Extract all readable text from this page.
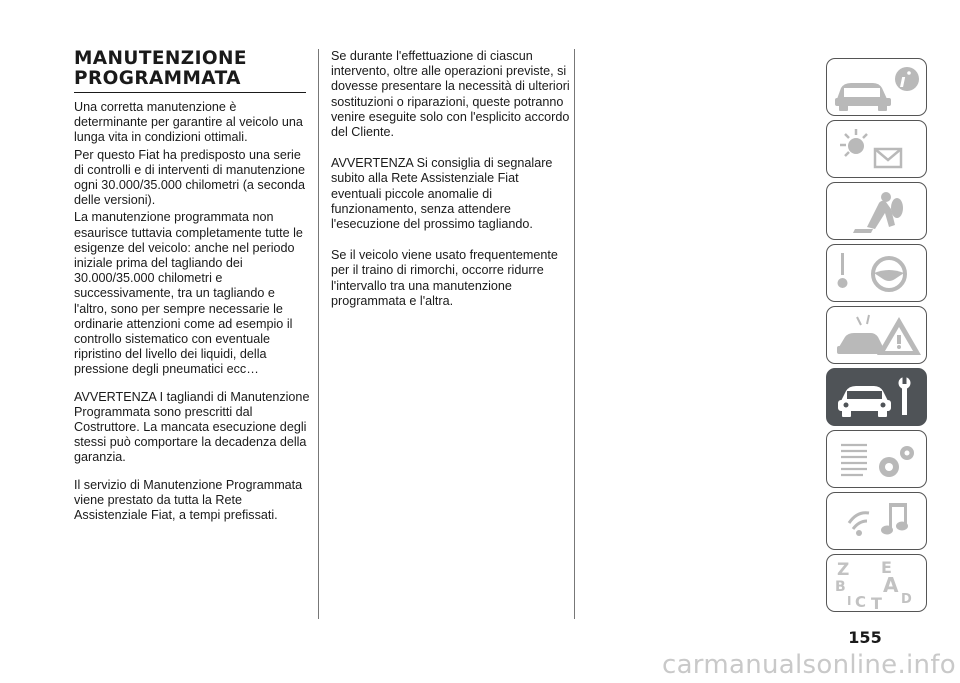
MANUTENZIONE
PROGRAMMATA

Una corretta manutenzione è determinante per garantire al veicolo una lunga vita in condizioni ottimali.

Per questo Fiat ha predisposto una serie di controlli e di interventi di manutenzione ogni 30.000/35.000 chilometri (a seconda delle versioni).

La manutenzione programmata non esaurisce tuttavia completamente tutte le esigenze del veicolo: anche nel periodo iniziale prima del tagliando dei 30.000/35.000 chilometri e successivamente, tra un tagliando e l'altro, sono per sempre necessarie le ordinarie attenzioni come ad esempio il controllo sistematico con eventuale ripristino del livello dei liquidi, della pressione degli pneumatici ecc…

AVVERTENZA I tagliandi di Manutenzione Programmata sono prescritti dal Costruttore. La mancata esecuzione degli stessi può comportare la decadenza della garanzia.

Il servizio di Manutenzione Programmata viene prestato da tutta la Rete Assistenziale Fiat, a tempi prefissati.

Se durante l'effettuazione di ciascun intervento, oltre alle operazioni previste, si dovesse presentare la necessità di ulteriori sostituzioni o riparazioni, queste potranno venire eseguite solo con l'esplicito accordo del Cliente.

AVVERTENZA Si consiglia di segnalare subito alla Rete Assistenziale Fiat eventuali piccole anomalie di funzionamento, senza attendere l'esecuzione del prossimo tagliando.

Se il veicolo viene usato frequentemente per il traino di rimorchi, occorre ridurre l'intervallo tra una manutenzione programmata e l'altra.

Z E
B A
C T D
I
155
carmanualsonline.info
